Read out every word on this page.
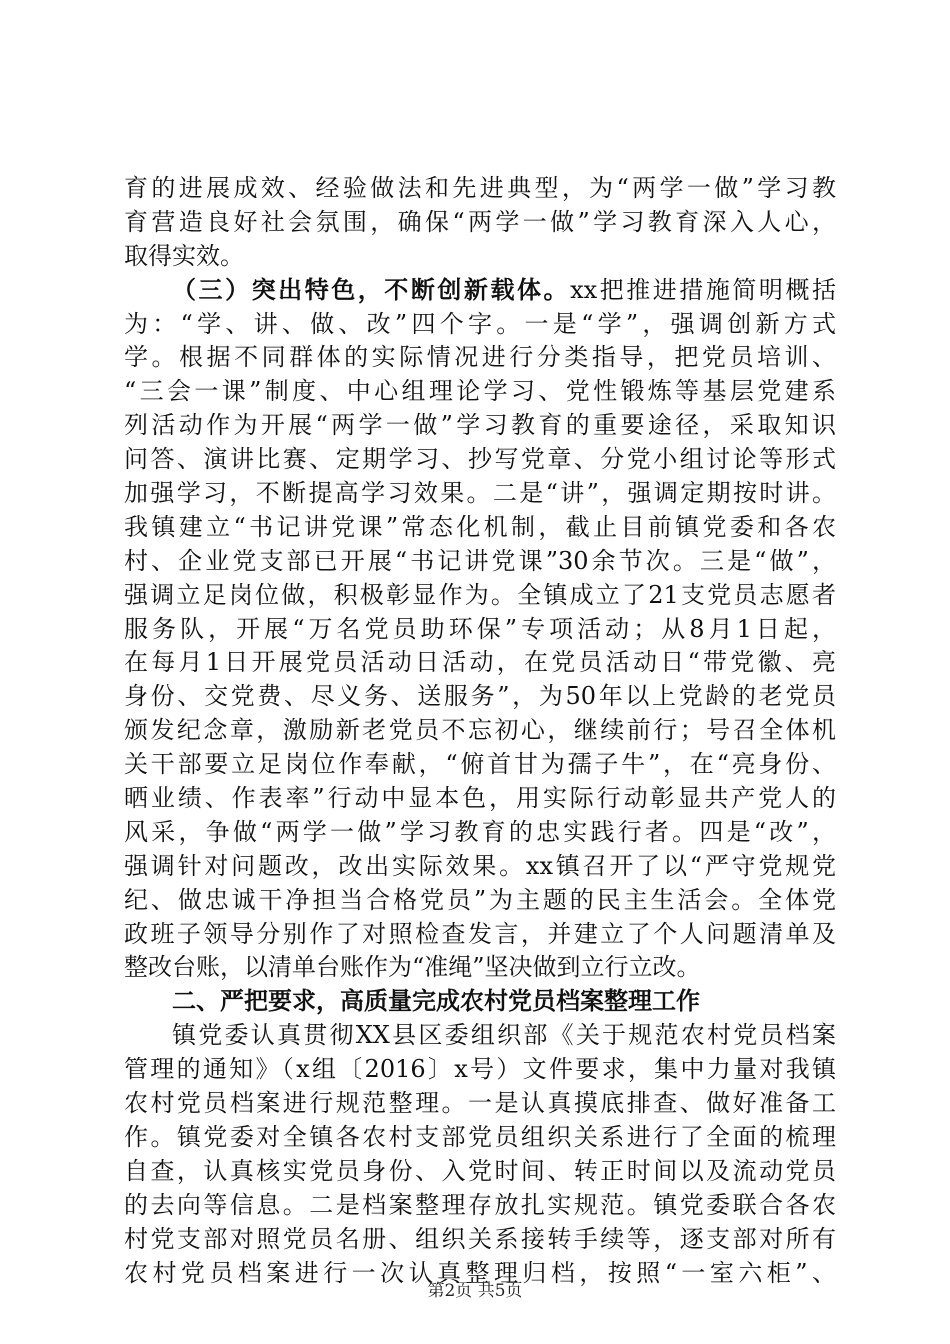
育的进展成效、经验做法和先进典型，为“两学一做”学习教
育营造良好社会氛围，确保“两学一做”学习教育深入人心，
取得实效。
（三）突出特色，不断创新载体。xx把推进措施简明概括
为：“学、讲、做、改”四个字。一是“学”，强调创新方式
学。根据不同群体的实际情况进行分类指导，把党员培训、
“三会一课”制度、中心组理论学习、党性锻炼等基层党建系
列活动作为开展“两学一做”学习教育的重要途径，采取知识
问答、演讲比赛、定期学习、抄写党章、分党小组讨论等形式
加强学习，不断提高学习效果。二是“讲”，强调定期按时讲。
我镇建立“书记讲党课”常态化机制，截止目前镇党委和各农
村、企业党支部已开展“书记讲党课”30余节次。三是“做”，
强调立足岗位做，积极彰显作为。全镇成立了21支党员志愿者
服务队，开展“万名党员助环保”专项活动；从8月1日起，
在每月1日开展党员活动日活动，在党员活动日“带党徽、亮
身份、交党费、尽义务、送服务”，为50年以上党龄的老党员
颁发纪念章，激励新老党员不忘初心，继续前行；号召全体机
关干部要立足岗位作奉献，“俯首甘为孺子牛”，在“亮身份、
晒业绩、作表率”行动中显本色，用实际行动彰显共产党人的
风采，争做“两学一做”学习教育的忠实践行者。四是“改”，
强调针对问题改，改出实际效果。xx镇召开了以“严守党规党
纪、做忠诚干净担当合格党员”为主题的民主生活会。全体党
政班子领导分别作了对照检查发言，并建立了个人问题清单及
整改台账，以清单台账作为“准绳”坚决做到立行立改。
二、严把要求，高质量完成农村党员档案整理工作
镇党委认真贯彻XX县区委组织部《关于规范农村党员档案
管理的通知》（x组〔2016〕x号）文件要求，集中力量对我镇
农村党员档案进行规范整理。一是认真摸底排查、做好准备工
作。镇党委对全镇各农村支部党员组织关系进行了全面的梳理
自查，认真核实党员身份、入党时间、转正时间以及流动党员
的去向等信息。二是档案整理存放扎实规范。镇党委联合各农
村党支部对照党员名册、组织关系接转手续等，逐支部对所有
农村党员档案进行一次认真整理归档，按照“一室六柜”、
第2页 共5页
